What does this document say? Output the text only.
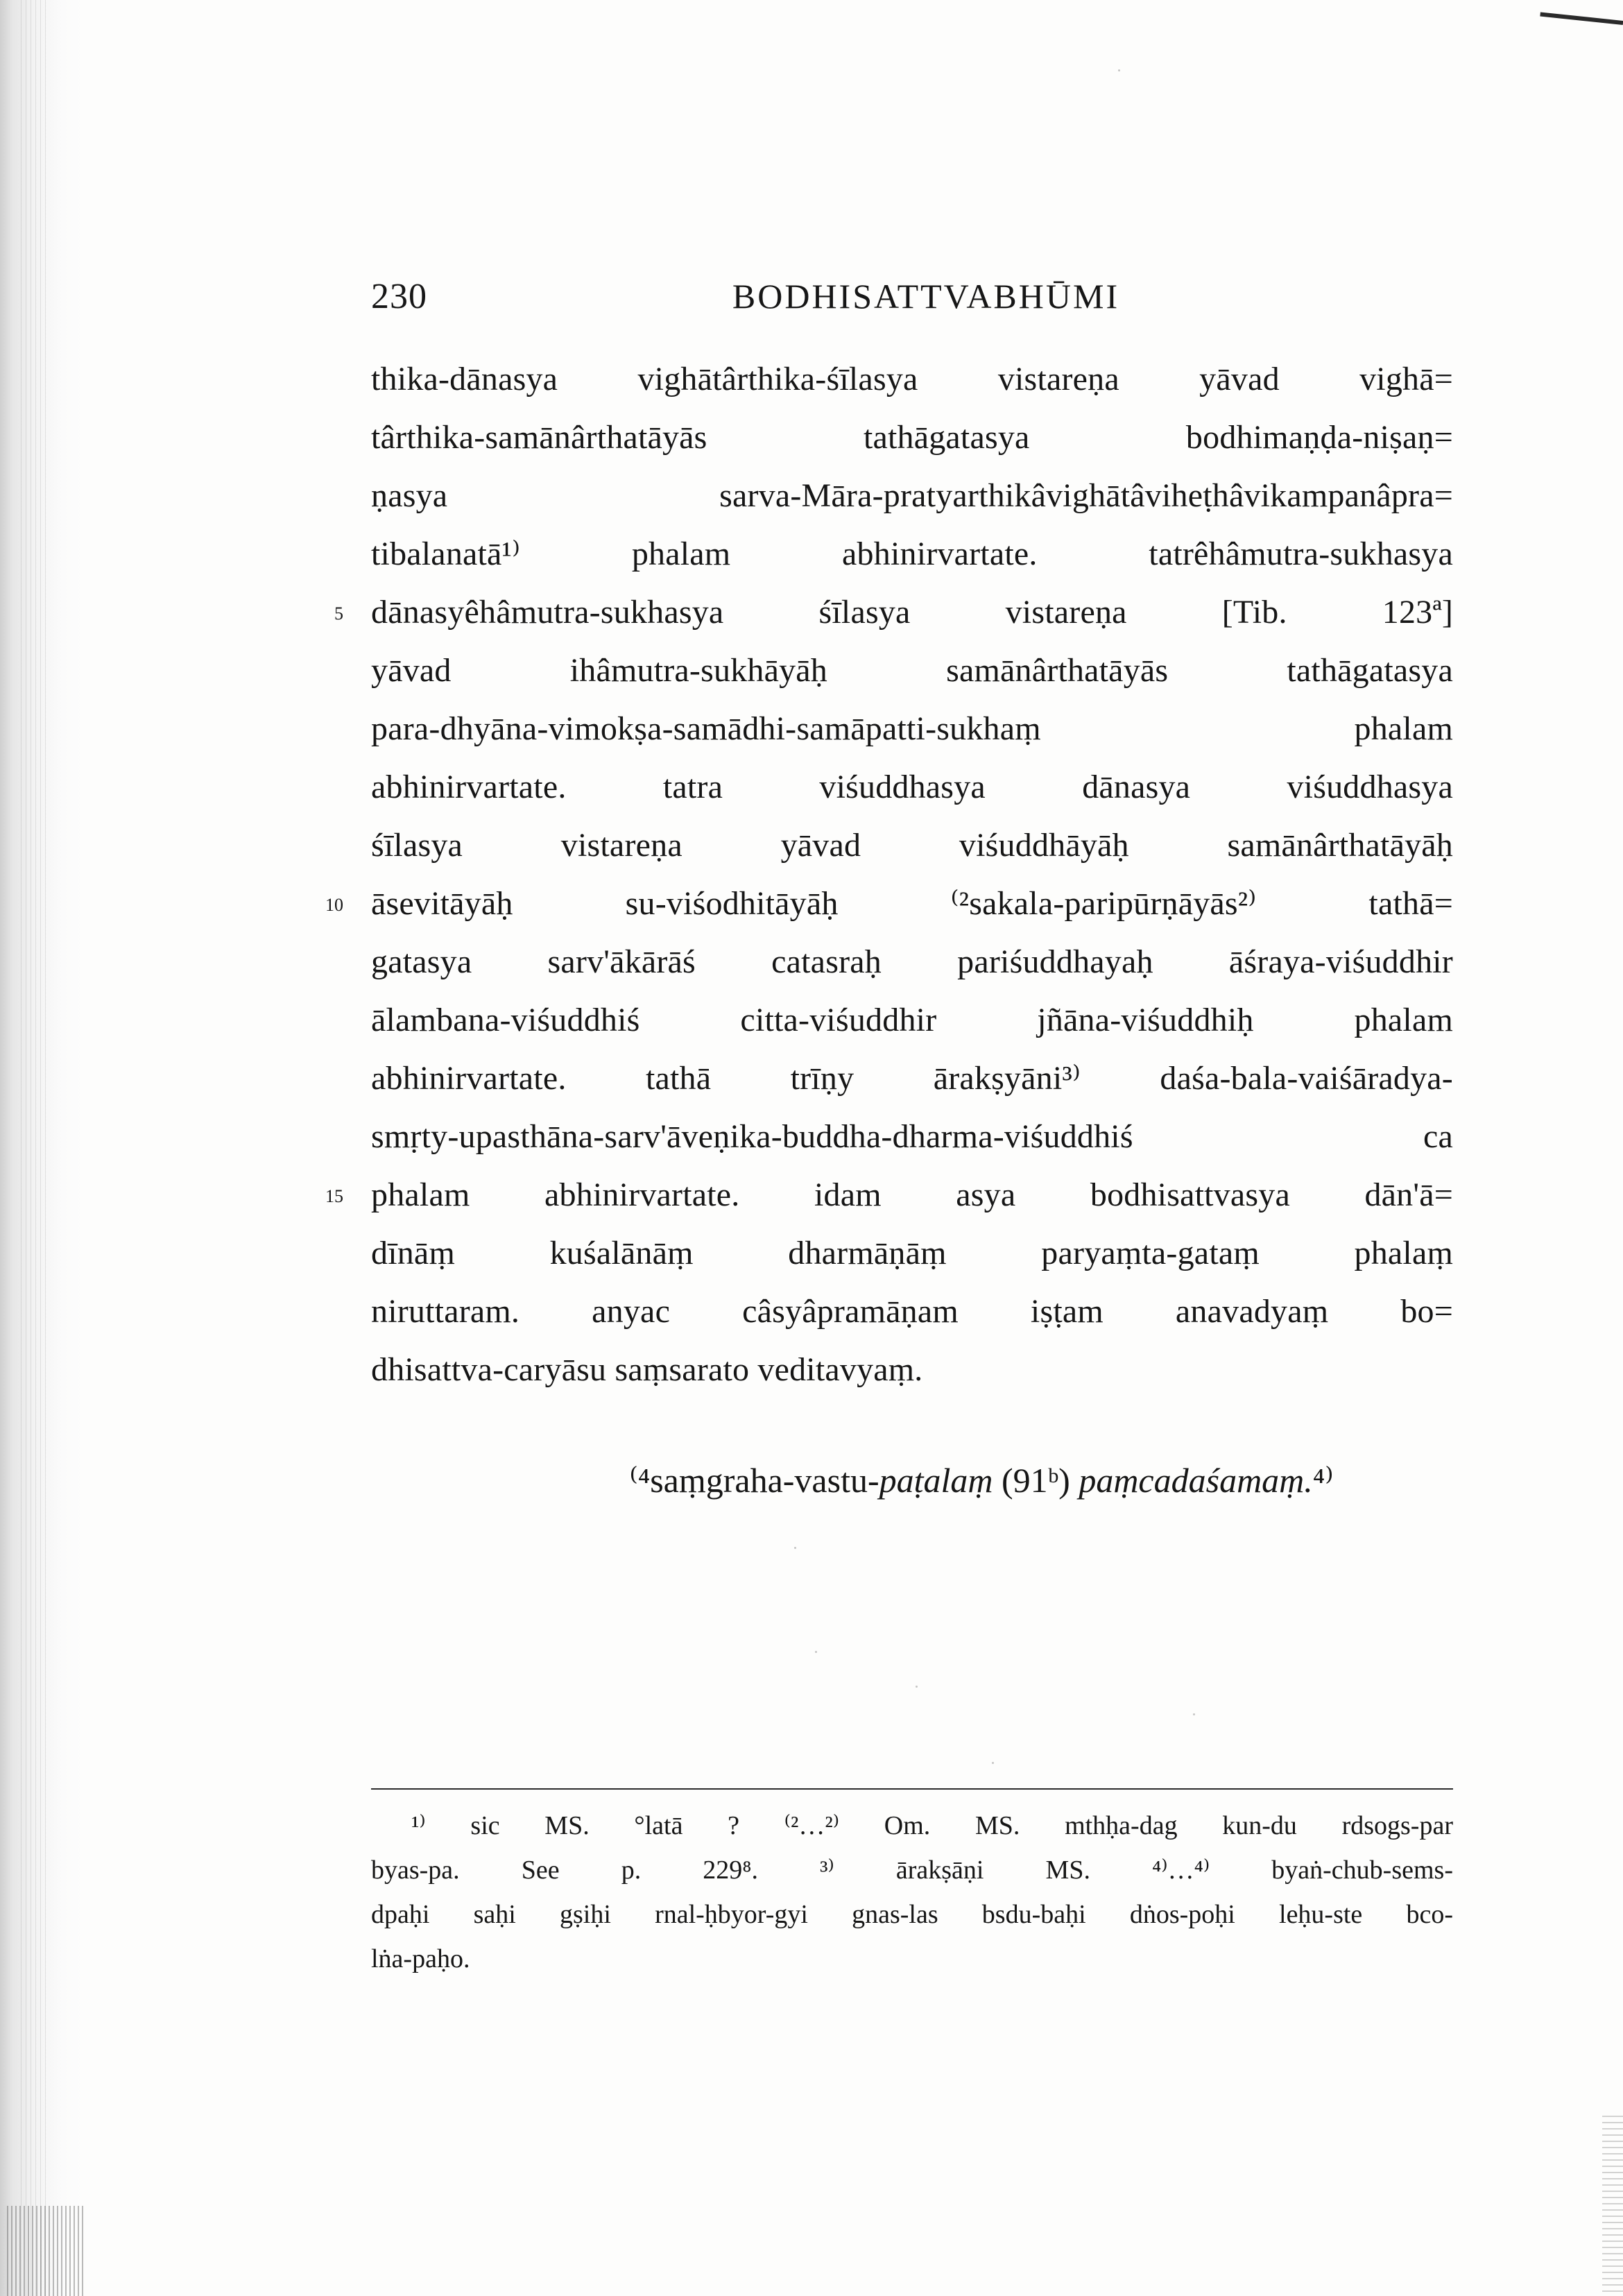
230	BODHISATTVABHŪMI
thika-dānasya vighātârthika-śīlasya vistareṇa yāvad vighā=
târthika-samānârthatāyās tathāgatasya bodhimaṇḍa-niṣaṇ=
ṇasya sarva-Māra-pratyarthikâvighātâviheṭhâvikampanâpra=
tibalanatā¹⁾ phalam abhinirvartate. tatrêhâmutra-sukhasya
dānasyêhâmutra-sukhasya śīlasya vistareṇa [Tib. 123ª]
yāvad ihâmutra-sukhāyāḥ samānârthatāyās tathāgatasya
para-dhyāna-vimokṣa-samādhi-samāpatti-sukhaṃ phalam
abhinirvartate. tatra viśuddhasya dānasya viśuddhasya
śīlasya vistareṇa yāvad viśuddhāyāḥ samānârthatāyāḥ
āsevitāyāḥ su-viśodhitāyāḥ ⁽²sakala-paripūrṇāyās²⁾ tathā=
gatasya sarv'ākārāś catasraḥ pariśuddhayaḥ āśraya-viśuddhir
ālambana-viśuddhiś citta-viśuddhir jñāna-viśuddhiḥ phalam
abhinirvartate. tathā trīṇy ārakṣyāni³⁾ daśa-bala-vaiśāradya-
smṛty-upasthāna-sarv'āveṇika-buddha-dharma-viśuddhiś ca
phalam abhinirvartate. idam asya bodhisattvasya dān'ā=
dīnāṃ kuśalānāṃ dharmāṇāṃ paryaṃta-gataṃ phalaṃ
niruttaram. anyac câsyâpramāṇam iṣṭam anavadyaṃ bo=
dhisattva-caryāsu saṃsarato veditavyaṃ.
5
10
15
⁽⁴saṃgraha-vastu-paṭalaṃ (91ᵇ) paṃcadaśamaṃ.⁴⁾
¹⁾ sic MS. °latā ? ⁽²…²⁾ Om. MS. mthḥa-dag kun-du rdsogs-par
byas-pa. See p. 229⁸. ³⁾ ārakṣāṇi MS. ⁴⁾…⁴⁾ byaṅ-chub-sems-
dpaḥi saḥi gṣiḥi rnal-ḥbyor-gyi gnas-las bsdu-baḥi dṅos-poḥi leḥu-ste bco-
lṅa-paḥo.
